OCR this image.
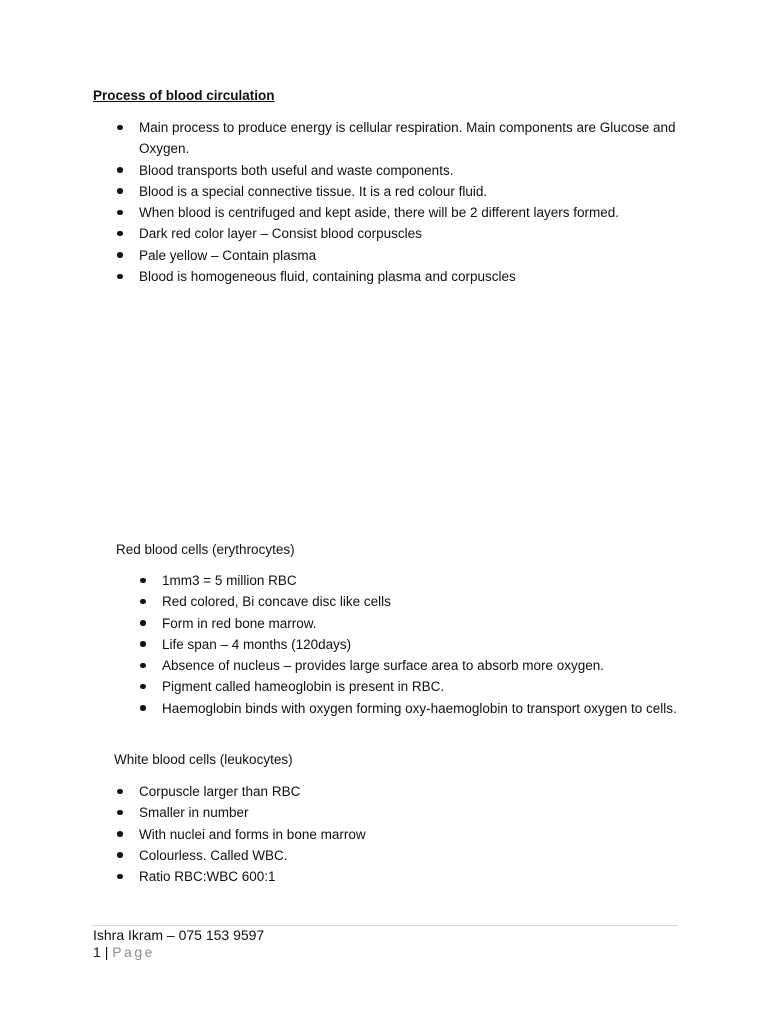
Process of blood circulation
Main process to produce energy is cellular respiration. Main components are Glucose and Oxygen.
Blood transports both useful and waste components.
Blood is a special connective tissue. It is a red colour fluid.
When blood is centrifuged and kept aside, there will be 2 different layers formed.
Dark red color layer – Consist blood corpuscles
Pale yellow – Contain plasma
Blood is homogeneous fluid, containing plasma and corpuscles
Red blood cells (erythrocytes)
1mm3 = 5 million RBC
Red colored, Bi concave disc like cells
Form in red bone marrow.
Life span – 4 months (120days)
Absence of nucleus – provides large surface area to absorb more oxygen.
Pigment called hameoglobin is present in RBC.
Haemoglobin binds with oxygen forming oxy-haemoglobin to transport oxygen to cells.
White blood cells (leukocytes)
Corpuscle larger than RBC
Smaller in number
With nuclei and forms in bone marrow
Colourless. Called WBC.
Ratio RBC:WBC 600:1
Ishra Ikram – 075 153 9597
1 | Page
